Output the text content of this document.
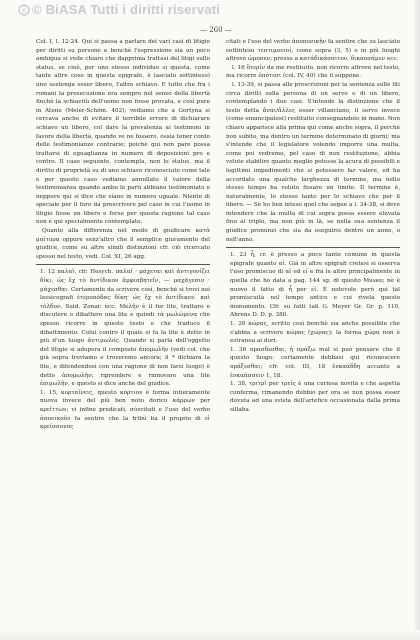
c © BiASA Tutti i diritti riservati
— 260 —

Col. I, l. 12-24. Qui si passa a parlare dei vari casi di litigio per diritti su persone e benchè l'espressione sia un poco ambigua si vede chiaro che dapprima trattasi del litigi sullo status, se cioè, per uno stesso individuo si questa, come tante altre cose in questa epigrafe, è lasciato sottinteso) uno sostenga esser libero, l'altro schiavo. E tutto che fra i romani la prosecuzione era sempre nel senso della libertà finchè la schiavitù dell'uomo non fosse provata, e così pure in Atene (Meier-Schöm. 402); vediamo che a Gortyna si cercava anche di evitare il terribile errore di dichiarare schiavo un libero, col dare la prevalenza ai testimoni in favore della libertà, quando ve ne fossero, ossia tener conto delle testimonianze contrarie; poichè qui non pare possa trattarsi di eguaglianza in numero di deposizioni pro e contro. Il caso seguente, contempla, non lo status, ma il diritto di proprietà su di uno schiavo riconosciuto come tale e per questo caso vediamo annullato il valore della testimonianza quando ambo le parti abbiano testimoniato e neppure qui si dice che siano in numero uguale. Niente di speciale per il foro da prescrivere pel caso in cui l'uomo in litigio fosse un libero e forse per questa ragione tal caso non è qui specialmente contemplato.

Quanto alla differenza nel modo di giudicare κατὰ μαίτυρα oppure senz'altro che il semplice giuramento del giudice, come su altre simili distinzioni cfr. ciò ricercato spesso nel testo, vedi. Col. XI, 26 agg.

1. 12 παλαῖ, cfr. Hesych. παλαῖ · μάχεται καὶ ἀντιγονίζει δίκι, ὡς ἔχ τὸ ἀντίδικον ἀμφισβητεῖν, — μαχὰγεσιν · μάχεσθαι. Certamente da scrivere così, benchè si trovi nei lessicografi ἑτεροπόδας δίκη· ὡς ἔχ τὸ ἀντίδικον. καὶ τὸλδον, Suid. Zonar. ecc. Μολῆν è il fur lite, trattaro e discutere o dibattere una lite e quindi τὰ μωλώμενα che spesso ricorre in questo testo e che traduco il dibattimento. Colui contro il quale si fa la lite è detto in più d'un luogo ἀντιμωλός. Quando si parla dell'oggetto del litigio si adopera il composto ἀπομωλῆν (vedi col. che già sopra troviamo e troveremo ancora; il * dichiara la lite, e difendendosi con una ragione di non farsi luogo) è detto ἀπομωλῆν; riprendere e rinnovare una lite ἐπιμωλῆν, e questo si dice anche del giudice.

1. 15, κορταῖνεις, questo κόρτιον è forma intieramente nuova invece del più ben noto dorico κάρρων per κρεῖττων; vi infine predicati, σύνcitati e l'uso del verbo ἀπονικοῦν fa sentire che la tribù ha il proprio di εἰ κρείσσονος

citati e l'uso del verbo ἀποπονικῆν fa sentire che su lasciato sottinteso τεστιμονιοί, come sopra (3, 5) e in più luoghi altrove ὡμοσεν; presso a κατάδικάσαιτον, δικαοσάμεν ecc.

l. 16 ὅτερίν da me restituito, non ricorre altrove nel testo, ma ricorre ὁπότεσι (col. IV, 40) che il suppone.

l. 13-39, si passa alle prescrizioni per la sentenza sulle liti circa diritti sulla persona di un servo o di un libero, contemplando i due casi. S'intende la distinzione che il testo detta ἄναι/ἄλλες esser villanciano, il servo invece (come emancipatosi) restituito consegnandolo in mano. Non chiaro apparisce alla prima qui come anche sopra, il perchè non subito, ma dentro un termine determinato di giorni; ma s'intende che il legislatore volendo imporre una multa, come poi vedremo, pel caso di non restituzione, abbia voluto stabilire quanto meglio potesse la acura di possibili e legittimi impedimenti che si potessero far valere, ed ha accordato una qualche larghezza di termine, ma nello stesso tempo ha voluto fissare un limite. Il termine è, naturalmente, lo stesso tanto per lo schiavo che per il libero. — Se ho ben inteso quel che segue a l. 34-38, si deve intendere che la multa di cui sopra possa essere elevata fino al triplo, ma non più in là, se nella sua sentenza il giudice pronunzi che sia da eseguirsi dentro un anno, o nell'anno.

1. 23 ἦ, cr. è presso a poco tanto comune in questa epigrafe quanto αἰ. Già in altre epigrafi cretesi si osserva l'uso promiscuo di αἰ ed εἰ e fra le altre principalmente in quella che ho data a pag. 144 sg. di questo Museo; nè è nuovo il fatto di ἦ per εἰ. È notevole però qui tal promiscuità nel tempo antico e cui rivela questo monumento. Cfr. su fatti tali G. Meyer Gr. Gr. p. 110, Ahrens D. D. p. 380.

1. 26 κώρας, scritto così benchè sia anche possibile che s'abbia a scrivere κώρας (χώρας); la forma χώρα non è estranea ai dori.

1. 36 πρασδεσθαι, ἡ πράξω mal si può pensare che il questo luogo: certamente debbasi qui riconoscere πράξεσθαι; cfr. col. III, 18 ἐνκαάδδη accanto a ἐνκαάσσειν 1, 18.

1. 38, τριτρῖ per τρεῖς è una curiosa novità e che aspetta conferma, rimanendo dubbio per ora se non possa esser dovuta ad una svista dell'artefice occasionata dalla prima sillaba.
